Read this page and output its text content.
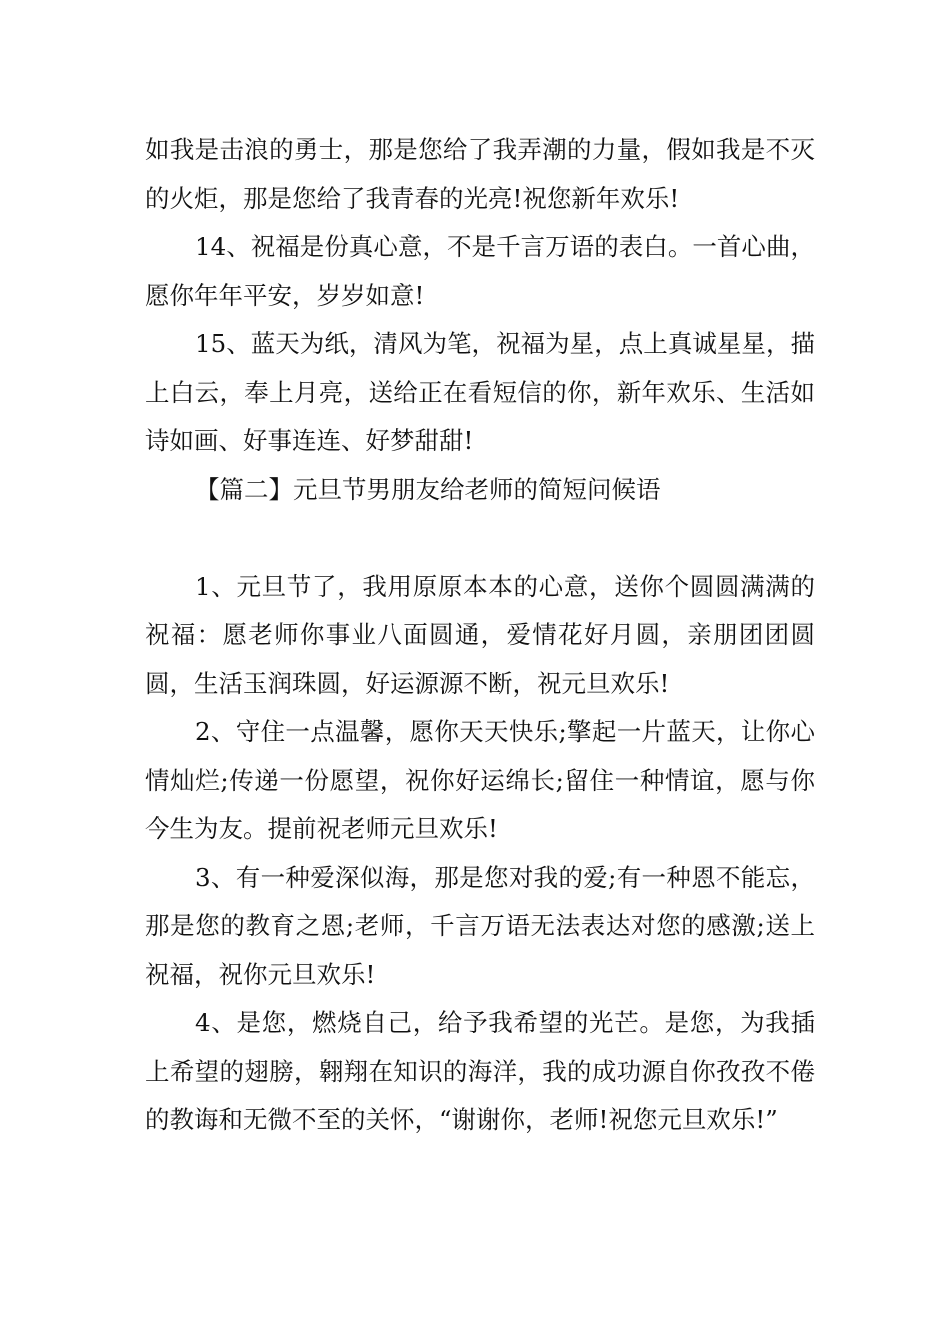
如我是击浪的勇士，那是您给了我弄潮的力量，假如我是不灭的火炬，那是您给了我青春的光亮!祝您新年欢乐!

14、祝福是份真心意，不是千言万语的表白。一首心曲，愿你年年平安，岁岁如意!

15、蓝天为纸，清风为笔，祝福为星，点上真诚星星，描上白云，奉上月亮，送给正在看短信的你，新年欢乐、生活如诗如画、好事连连、好梦甜甜!

【篇二】元旦节男朋友给老师的简短问候语

1、元旦节了，我用原原本本的心意，送你个圆圆满满的祝福：愿老师你事业八面圆通，爱情花好月圆，亲朋团团圆圆，生活玉润珠圆，好运源源不断，祝元旦欢乐!

2、守住一点温馨，愿你天天快乐;擎起一片蓝天，让你心情灿烂;传递一份愿望，祝你好运绵长;留住一种情谊，愿与你今生为友。提前祝老师元旦欢乐!

3、有一种爱深似海，那是您对我的爱;有一种恩不能忘，那是您的教育之恩;老师，千言万语无法表达对您的感激;送上祝福，祝你元旦欢乐!

4、是您，燃烧自己，给予我希望的光芒。是您，为我插上希望的翅膀，翱翔在知识的海洋，我的成功源自你孜孜不倦的教诲和无微不至的关怀，“谢谢你，老师!祝您元旦欢乐!”
